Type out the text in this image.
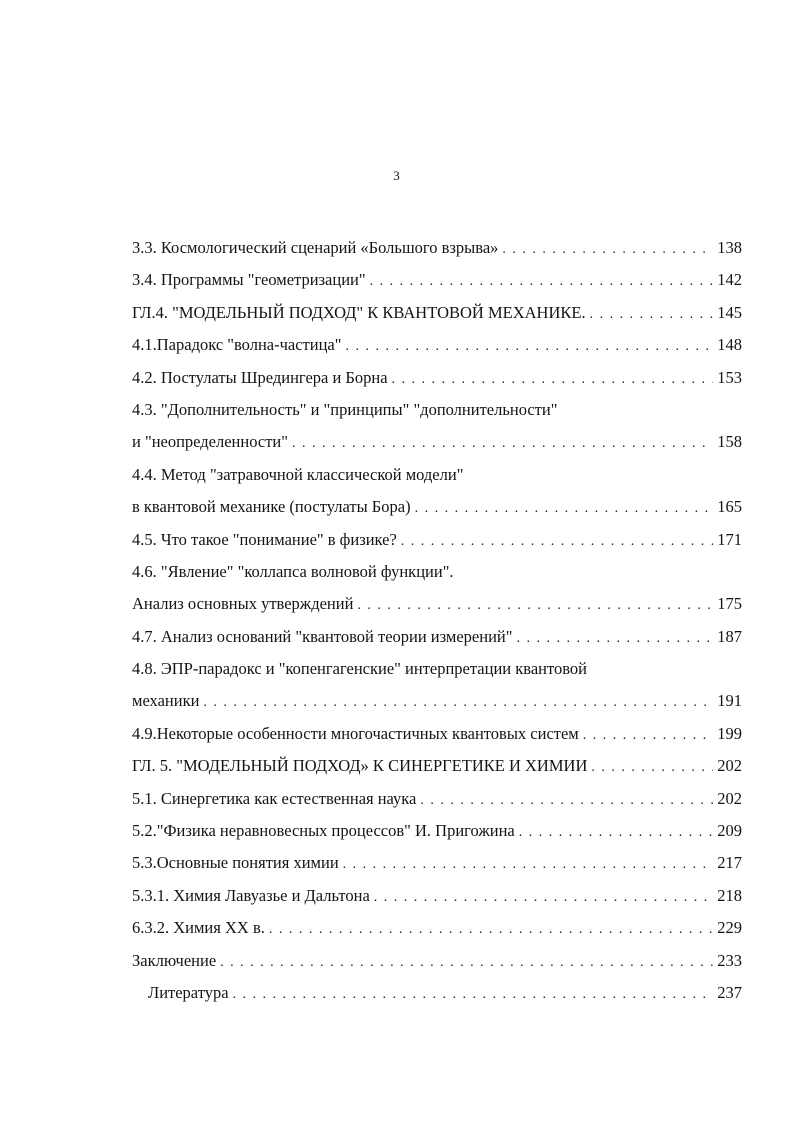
3
3.3. Космологический сценарий «Большого взрыва» . . .	138
3.4. Программы "геометризации" . . .	142
ГЛ.4. "МОДЕЛЬНЫЙ ПОДХОД" К КВАНТОВОЙ МЕХАНИКЕ. . . .	145
4.1.Парадокс "волна-частица" . . .	148
4.2. Постулаты Шредингера и Борна . . .	153
4.3. "Дополнительность" и "принципы" "дополнительности"
и "неопределенности" . . .	158
4.4. Метод "затравочной классической модели"
в квантовой механике (постулаты Бора) . . .	165
4.5. Что такое "понимание" в физике? . . .	171
4.6. "Явление" "коллапса волновой функции".
Анализ основных утверждений . . .	175
4.7. Анализ оснований "квантовой теории измерений" . . .	187
4.8. ЭПР-парадокс и "копенгагенские" интерпретации квантовой
механики . . .	191
4.9.Некоторые особенности многочастичных квантовых систем . . .	199
ГЛ. 5. "МОДЕЛЬНЫЙ ПОДХОД» К СИНЕРГЕТИКЕ И ХИМИИ . . .	202
5.1. Синергетика как естественная наука . . .	202
5.2."Физика неравновесных процессов" И. Пригожина . . .	209
5.3.Основные понятия химии . . .	217
5.3.1. Химия Лавуазье и Дальтона . . .	218
6.3.2. Химия XX в. . . .	229
Заключение . . .	233
Литература . . .	237
